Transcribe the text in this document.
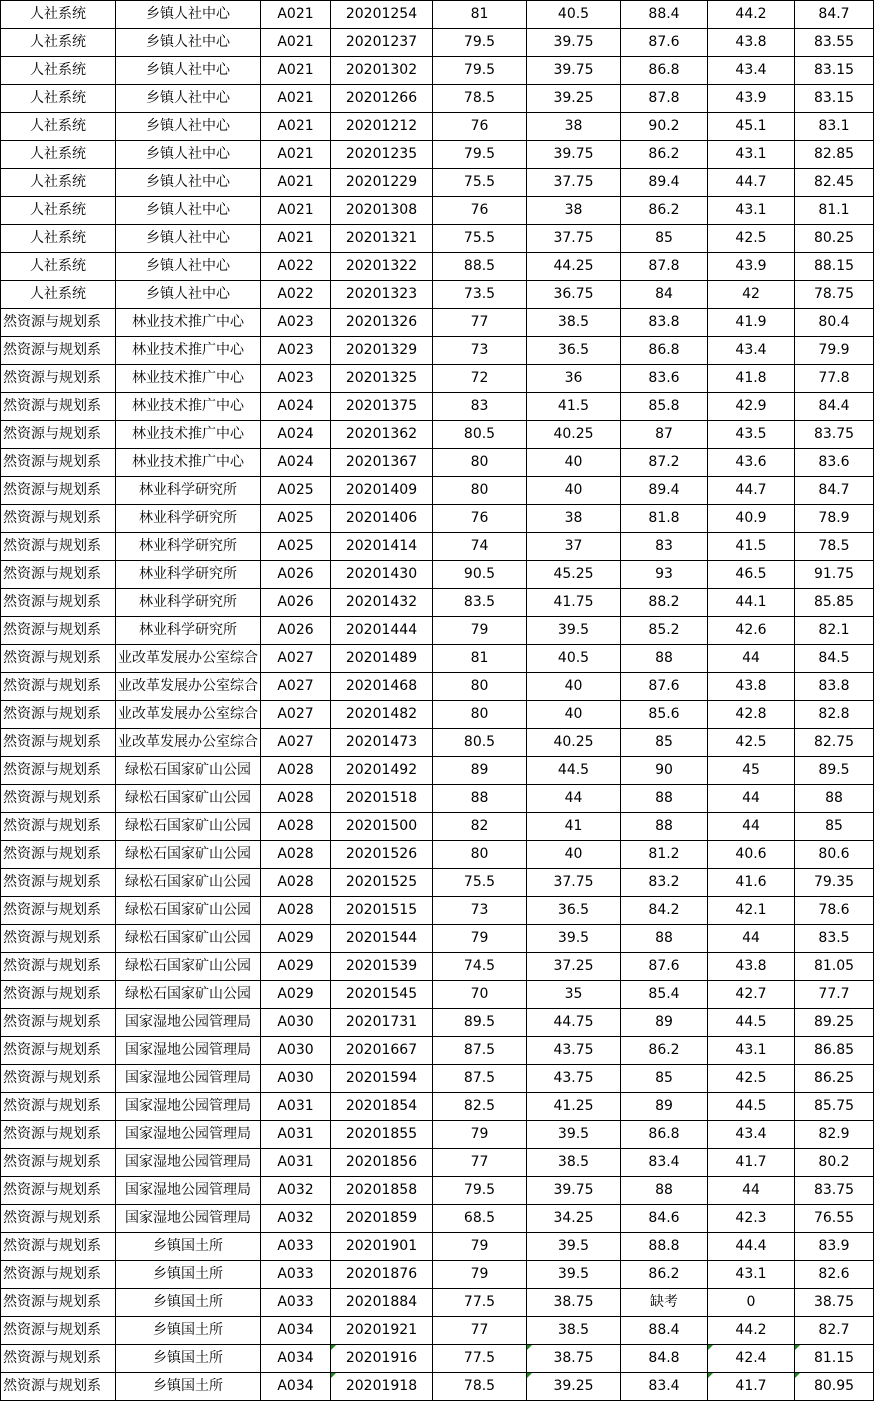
人社系统	乡镇人社中心	A021	20201254	81	40.5	88.4	44.2	84.7
人社系统	乡镇人社中心	A021	20201237	79.5	39.75	87.6	43.8	83.55
人社系统	乡镇人社中心	A021	20201302	79.5	39.75	86.8	43.4	83.15
人社系统	乡镇人社中心	A021	20201266	78.5	39.25	87.8	43.9	83.15
人社系统	乡镇人社中心	A021	20201212	76	38	90.2	45.1	83.1
人社系统	乡镇人社中心	A021	20201235	79.5	39.75	86.2	43.1	82.85
人社系统	乡镇人社中心	A021	20201229	75.5	37.75	89.4	44.7	82.45
人社系统	乡镇人社中心	A021	20201308	76	38	86.2	43.1	81.1
人社系统	乡镇人社中心	A021	20201321	75.5	37.75	85	42.5	80.25
人社系统	乡镇人社中心	A022	20201322	88.5	44.25	87.8	43.9	88.15
人社系统	乡镇人社中心	A022	20201323	73.5	36.75	84	42	78.75
然资源与规划系	林业技术推广中心	A023	20201326	77	38.5	83.8	41.9	80.4
然资源与规划系	林业技术推广中心	A023	20201329	73	36.5	86.8	43.4	79.9
然资源与规划系	林业技术推广中心	A023	20201325	72	36	83.6	41.8	77.8
然资源与规划系	林业技术推广中心	A024	20201375	83	41.5	85.8	42.9	84.4
然资源与规划系	林业技术推广中心	A024	20201362	80.5	40.25	87	43.5	83.75
然资源与规划系	林业技术推广中心	A024	20201367	80	40	87.2	43.6	83.6
然资源与规划系	林业科学研究所	A025	20201409	80	40	89.4	44.7	84.7
然资源与规划系	林业科学研究所	A025	20201406	76	38	81.8	40.9	78.9
然资源与规划系	林业科学研究所	A025	20201414	74	37	83	41.5	78.5
然资源与规划系	林业科学研究所	A026	20201430	90.5	45.25	93	46.5	91.75
然资源与规划系	林业科学研究所	A026	20201432	83.5	41.75	88.2	44.1	85.85
然资源与规划系	林业科学研究所	A026	20201444	79	39.5	85.2	42.6	82.1
然资源与规划系	业改革发展办公室综合	A027	20201489	81	40.5	88	44	84.5
然资源与规划系	业改革发展办公室综合	A027	20201468	80	40	87.6	43.8	83.8
然资源与规划系	业改革发展办公室综合	A027	20201482	80	40	85.6	42.8	82.8
然资源与规划系	业改革发展办公室综合	A027	20201473	80.5	40.25	85	42.5	82.75
然资源与规划系	绿松石国家矿山公园	A028	20201492	89	44.5	90	45	89.5
然资源与规划系	绿松石国家矿山公园	A028	20201518	88	44	88	44	88
然资源与规划系	绿松石国家矿山公园	A028	20201500	82	41	88	44	85
然资源与规划系	绿松石国家矿山公园	A028	20201526	80	40	81.2	40.6	80.6
然资源与规划系	绿松石国家矿山公园	A028	20201525	75.5	37.75	83.2	41.6	79.35
然资源与规划系	绿松石国家矿山公园	A028	20201515	73	36.5	84.2	42.1	78.6
然资源与规划系	绿松石国家矿山公园	A029	20201544	79	39.5	88	44	83.5
然资源与规划系	绿松石国家矿山公园	A029	20201539	74.5	37.25	87.6	43.8	81.05
然资源与规划系	绿松石国家矿山公园	A029	20201545	70	35	85.4	42.7	77.7
然资源与规划系	国家湿地公园管理局	A030	20201731	89.5	44.75	89	44.5	89.25
然资源与规划系	国家湿地公园管理局	A030	20201667	87.5	43.75	86.2	43.1	86.85
然资源与规划系	国家湿地公园管理局	A030	20201594	87.5	43.75	85	42.5	86.25
然资源与规划系	国家湿地公园管理局	A031	20201854	82.5	41.25	89	44.5	85.75
然资源与规划系	国家湿地公园管理局	A031	20201855	79	39.5	86.8	43.4	82.9
然资源与规划系	国家湿地公园管理局	A031	20201856	77	38.5	83.4	41.7	80.2
然资源与规划系	国家湿地公园管理局	A032	20201858	79.5	39.75	88	44	83.75
然资源与规划系	国家湿地公园管理局	A032	20201859	68.5	34.25	84.6	42.3	76.55
然资源与规划系	乡镇国土所	A033	20201901	79	39.5	88.8	44.4	83.9
然资源与规划系	乡镇国土所	A033	20201876	79	39.5	86.2	43.1	82.6
然资源与规划系	乡镇国土所	A033	20201884	77.5	38.75	缺考	0	38.75
然资源与规划系	乡镇国土所	A034	20201921	77	38.5	88.4	44.2	82.7
然资源与规划系	乡镇国土所	A034	20201916	77.5	38.75	84.8	42.4	81.15
然资源与规划系	乡镇国土所	A034	20201918	78.5	39.25	83.4	41.7	80.95
